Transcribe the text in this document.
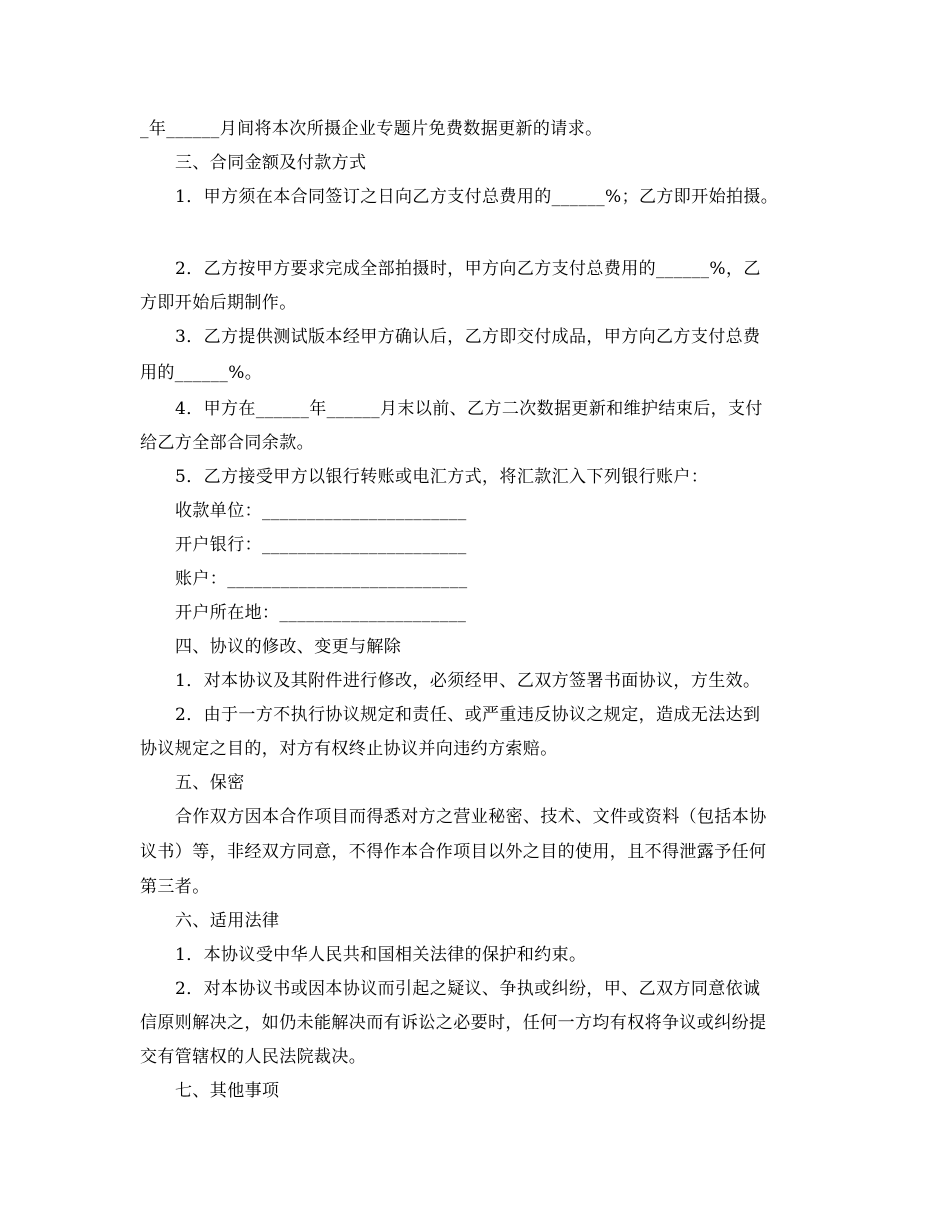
_年______月间将本次所摄企业专题片免费数据更新的请求。
三、合同金额及付款方式
1．甲方须在本合同签订之日向乙方支付总费用的______%；乙方即开始拍摄。
2．乙方按甲方要求完成全部拍摄时，甲方向乙方支付总费用的______%，乙
方即开始后期制作。
3．乙方提供测试版本经甲方确认后，乙方即交付成品，甲方向乙方支付总费
用的______%。
4．甲方在______年______月末以前、乙方二次数据更新和维护结束后，支付
给乙方全部合同余款。
5．乙方接受甲方以银行转账或电汇方式，将汇款汇入下列银行账户：
收款单位：_______________________
开户银行：_______________________
账户：___________________________
开户所在地：_____________________
四、协议的修改、变更与解除
1．对本协议及其附件进行修改，必须经甲、乙双方签署书面协议，方生效。
2．由于一方不执行协议规定和责任、或严重违反协议之规定，造成无法达到
协议规定之目的，对方有权终止协议并向违约方索赔。
五、保密
合作双方因本合作项目而得悉对方之营业秘密、技术、文件或资料（包括本协
议书）等，非经双方同意，不得作本合作项目以外之目的使用，且不得泄露予任何
第三者。
六、适用法律
1．本协议受中华人民共和国相关法律的保护和约束。
2．对本协议书或因本协议而引起之疑议、争执或纠纷，甲、乙双方同意依诚
信原则解决之，如仍未能解决而有诉讼之必要时，任何一方均有权将争议或纠纷提
交有管辖权的人民法院裁决。
七、其他事项
